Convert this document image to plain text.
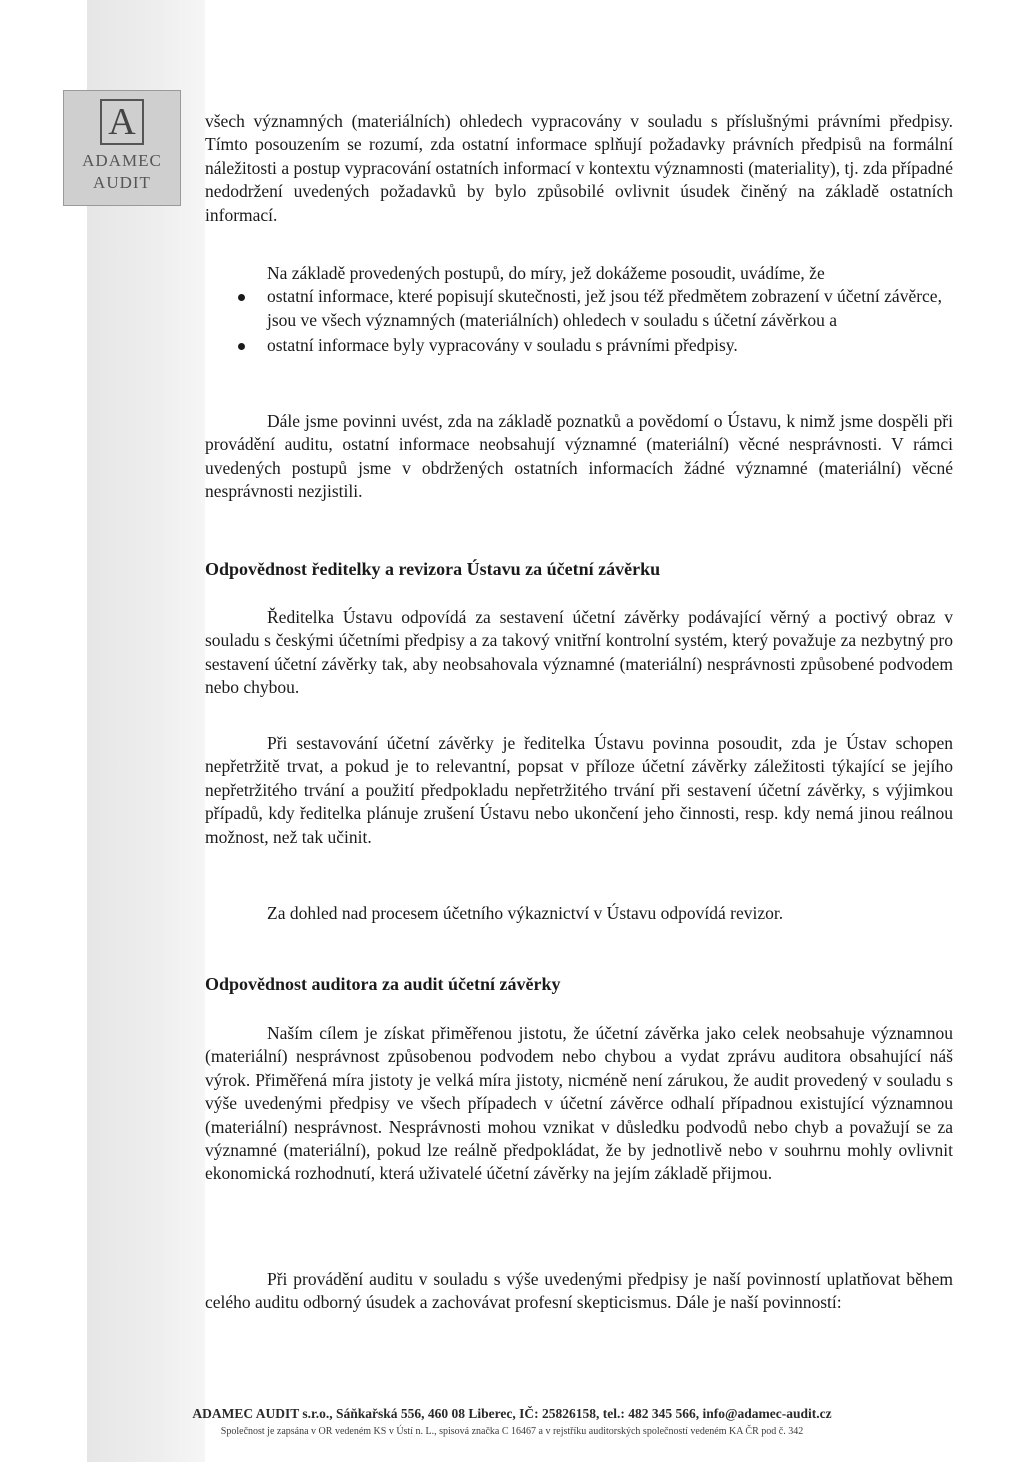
A
ADAMEC
AUDIT

všech významných (materiálních) ohledech vypracovány v souladu s příslušnými právními předpisy. Tímto posouzením se rozumí, zda ostatní informace splňují požadavky právních předpisů na formální náležitosti a postup vypracování ostatních informací v kontextu významnosti (materiality), tj. zda případné nedodržení uvedených požadavků by bylo způsobilé ovlivnit úsudek činěný na základě ostatních informací.

Na základě provedených postupů, do míry, jež dokážeme posoudit, uvádíme, že

ostatní informace, které popisují skutečnosti, jež jsou též předmětem zobrazení v účetní závěrce, jsou ve všech významných (materiálních) ohledech v souladu s účetní závěrkou a
ostatní informace byly vypracovány v souladu s právními předpisy.

Dále jsme povinni uvést, zda na základě poznatků a povědomí o Ústavu, k nimž jsme dospěli při provádění auditu, ostatní informace neobsahují významné (materiální) věcné nesprávnosti. V rámci uvedených postupů jsme v obdržených ostatních informacích žádné významné (materiální) věcné nesprávnosti nezjistili.

Odpovědnost ředitelky a revizora Ústavu za účetní závěrku

Ředitelka Ústavu odpovídá za sestavení účetní závěrky podávající věrný a poctivý obraz v souladu s českými účetními předpisy a za takový vnitřní kontrolní systém, který považuje za nezbytný pro sestavení účetní závěrky tak, aby neobsahovala významné (materiální) nesprávnosti způsobené podvodem nebo chybou.

Při sestavování účetní závěrky je ředitelka Ústavu povinna posoudit, zda je Ústav schopen nepřetržitě trvat, a pokud je to relevantní, popsat v příloze účetní závěrky záležitosti týkající se jejího nepřetržitého trvání a použití předpokladu nepřetržitého trvání při sestavení účetní závěrky, s výjimkou případů, kdy ředitelka plánuje zrušení Ústavu nebo ukončení jeho činnosti, resp. kdy nemá jinou reálnou možnost, než tak učinit.

Za dohled nad procesem účetního výkaznictví v Ústavu odpovídá revizor.

Odpovědnost auditora za audit účetní závěrky

Naším cílem je získat přiměřenou jistotu, že účetní závěrka jako celek neobsahuje významnou (materiální) nesprávnost způsobenou podvodem nebo chybou a vydat zprávu auditora obsahující náš výrok. Přiměřená míra jistoty je velká míra jistoty, nicméně není zárukou, že audit provedený v souladu s výše uvedenými předpisy ve všech případech v účetní závěrce odhalí případnou existující významnou (materiální) nesprávnost. Nesprávnosti mohou vznikat v důsledku podvodů nebo chyb a považují se za významné (materiální), pokud lze reálně předpokládat, že by jednotlivě nebo v souhrnu mohly ovlivnit ekonomická rozhodnutí, která uživatelé účetní závěrky na jejím základě přijmou.

Při provádění auditu v souladu s výše uvedenými předpisy je naší povinností uplatňovat během celého auditu odborný úsudek a zachovávat profesní skepticismus. Dále je naší povinností:

ADAMEC AUDIT s.r.o., Sáňkařská 556, 460 08 Liberec, IČ: 25826158, tel.: 482 345 566, info@adamec-audit.cz
Společnost je zapsána v OR vedeném KS v Ústí n. L., spisová značka C 16467 a v rejstříku auditorských společností vedeném KA ČR pod č. 342
